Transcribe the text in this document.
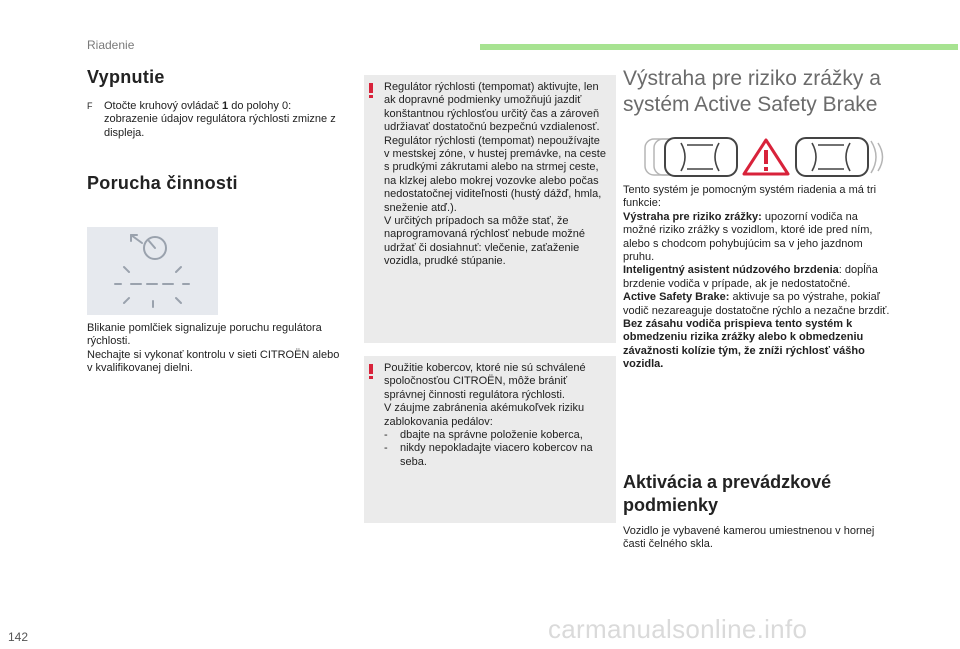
Riadenie
Vypnutie
F	Otočte kruhový ovládač 1 do polohy 0: zobrazenie údajov regulátora rýchlosti zmizne z displeja.
Porucha činnosti
Blikanie pomlčiek signalizuje poruchu regulátora rýchlosti.
Nechajte si vykonať kontrolu v sieti CITROËN alebo v kvalifikovanej dielni.
Regulátor rýchlosti (tempomat) aktivujte, len ak dopravné podmienky umožňujú jazdiť konštantnou rýchlosťou určitý čas a zároveň udržiavať dostatočnú bezpečnú vzdialenosť.
Regulátor rýchlosti (tempomat) nepoužívajte v mestskej zóne, v hustej premávke, na ceste s prudkými zákrutami alebo na strmej ceste, na klzkej alebo mokrej vozovke alebo počas nedostatočnej viditeľnosti (hustý dážď, hmla, sneženie atď.).
V určitých prípadoch sa môže stať, že naprogramovaná rýchlosť nebude možné udržať či dosiahnuť: vlečenie, zaťaženie vozidla, prudké stúpanie.
Použitie kobercov, ktoré nie sú schválené spoločnosťou CITROËN, môže brániť správnej činnosti regulátora rýchlosti.
V záujme zabránenia akémukoľvek riziku zablokovania pedálov:
- dbajte na správne položenie koberca,
- nikdy nepokladajte viacero kobercov na seba.
Výstraha pre riziko zrážky a systém Active Safety Brake
Tento systém je pomocným systém riadenia a má tri funkcie:
Výstraha pre riziko zrážky: upozorní vodiča na možné riziko zrážky s vozidlom, ktoré ide pred ním, alebo s chodcom pohybujúcim sa v jeho jazdnom pruhu.
Inteligentný asistent núdzového brzdenia: dopĺňa brzdenie vodiča v prípade, ak je nedostatočné.
Active Safety Brake: aktivuje sa po výstrahe, pokiaľ vodič nezareaguje dostatočne rýchlo a nezačne brzdiť.
Bez zásahu vodiča prispieva tento systém k obmedzeniu rizika zrážky alebo k obmedzeniu závažnosti kolízie tým, že zníži rýchlosť vášho vozidla.
Aktivácia a prevádzkové podmienky
Vozidlo je vybavené kamerou umiestnenou v hornej časti čelného skla.
142	carmanualsonline.info
